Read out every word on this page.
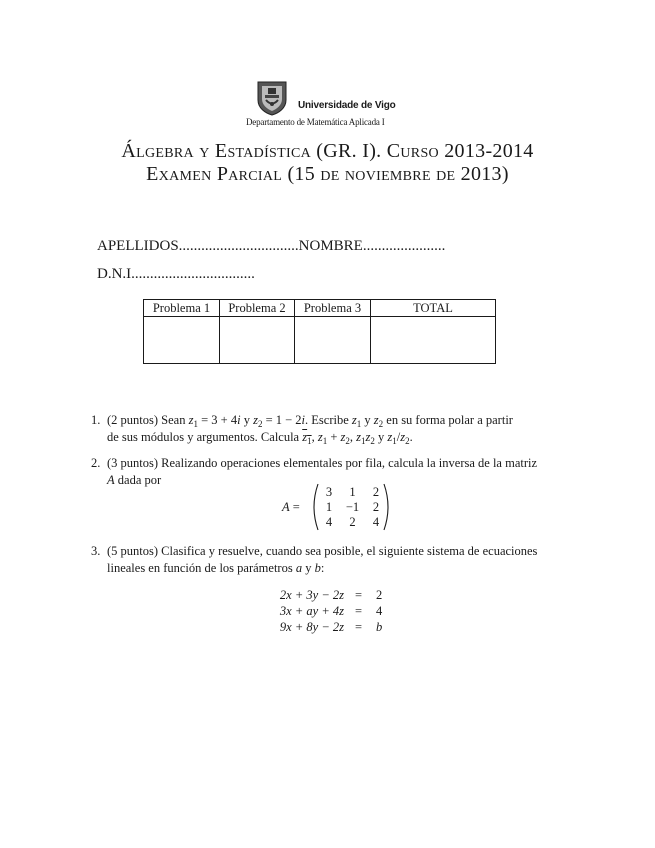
Universidade de Vigo
Departamento de Matemática Aplicada I
Álgebra y Estadística (GR. I). Curso 2013-2014
Examen Parcial (15 de noviembre de 2013)
APELLIDOS................................NOMBRE......................
D.N.I.................................
Problema 1	Problema 2	Problema 3	TOTAL

1. (2 puntos) Sean $z_1 = 3 + 4i$ y $z_2 = 1 - 2i$. Escribe $z_1$ y $z_2$ en su forma polar a partir
de sus módulos y argumentos. Calcula $z_1$, $z_1 + z_2$, $z_1z_2$ y $z_1/z_2$.
2. (3 puntos) Realizando operaciones elementales por fila, calcula la inversa de la matriz
A dada por
A =
3	1	2
1	−1	2
4	2	4
3. (5 puntos) Clasifica y resuelve, cuando sea posible, el siguiente sistema de ecuaciones
lineales en función de los parámetros a y b:
2x + 3y − 2z	=	2
3x + ay + 4z	=	4
9x + 8y − 2z	=	b
